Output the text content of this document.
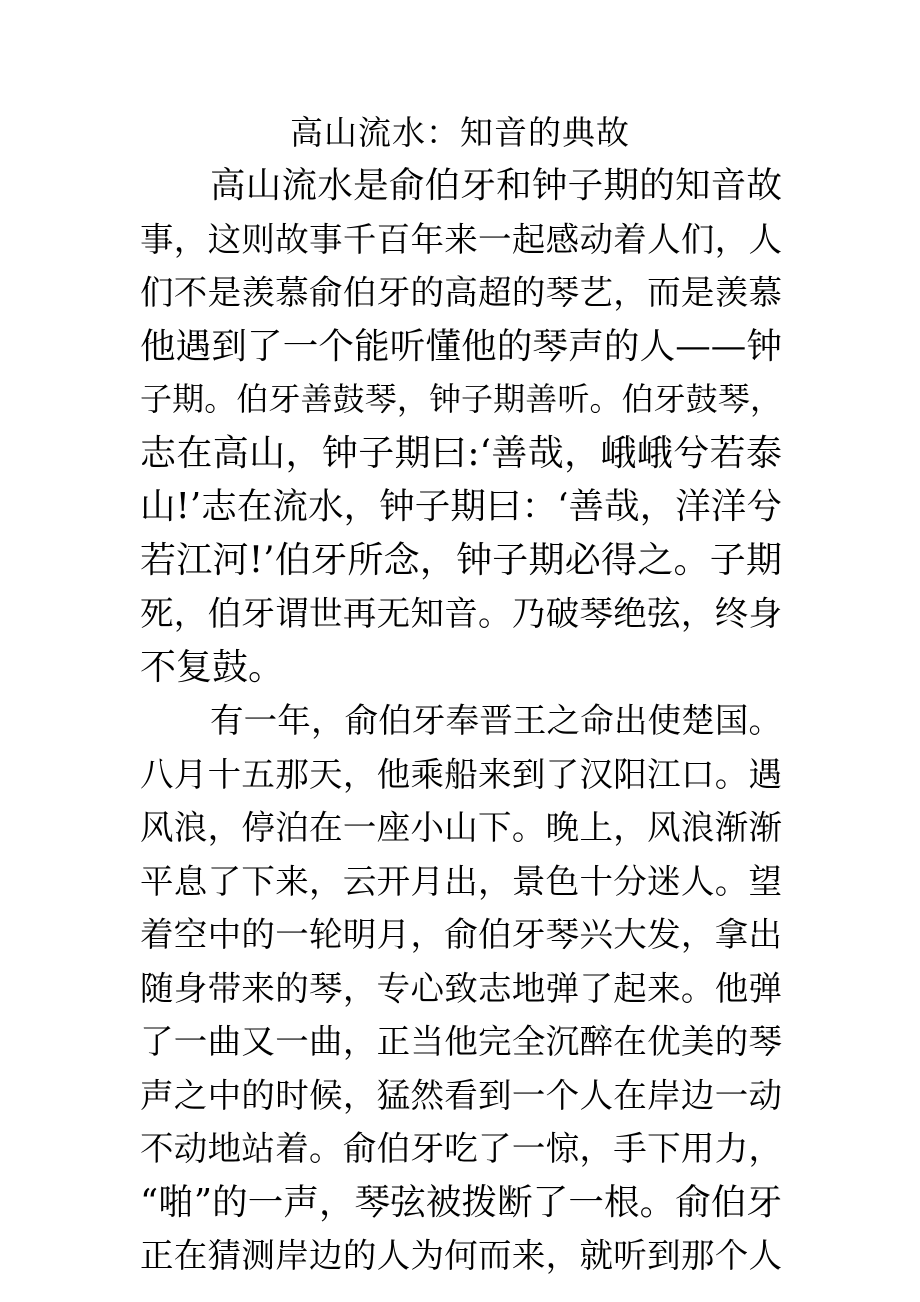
高山流水：知音的典故
高山流水是俞伯牙和钟子期的知音故
事，这则故事千百年来一起感动着人们，人
们不是羡慕俞伯牙的高超的琴艺，而是羡慕
他遇到了一个能听懂他的琴声的人——钟
子期。伯牙善鼓琴，钟子期善听。伯牙鼓琴，
志在高山，钟子期曰:‘善哉，峨峨兮若泰
山!’志在流水，钟子期曰：‘善哉，洋洋兮
若江河!’伯牙所念，钟子期必得之。子期
死，伯牙谓世再无知音。乃破琴绝弦，终身
不复鼓。
有一年，俞伯牙奉晋王之命出使楚国。
八月十五那天，他乘船来到了汉阳江口。遇
风浪，停泊在一座小山下。晚上，风浪渐渐
平息了下来，云开月出，景色十分迷人。望
着空中的一轮明月，俞伯牙琴兴大发，拿出
随身带来的琴，专心致志地弹了起来。他弹
了一曲又一曲，正当他完全沉醉在优美的琴
声之中的时候，猛然看到一个人在岸边一动
不动地站着。俞伯牙吃了一惊，手下用力，
“啪”的一声，琴弦被拨断了一根。俞伯牙
正在猜测岸边的人为何而来，就听到那个人
